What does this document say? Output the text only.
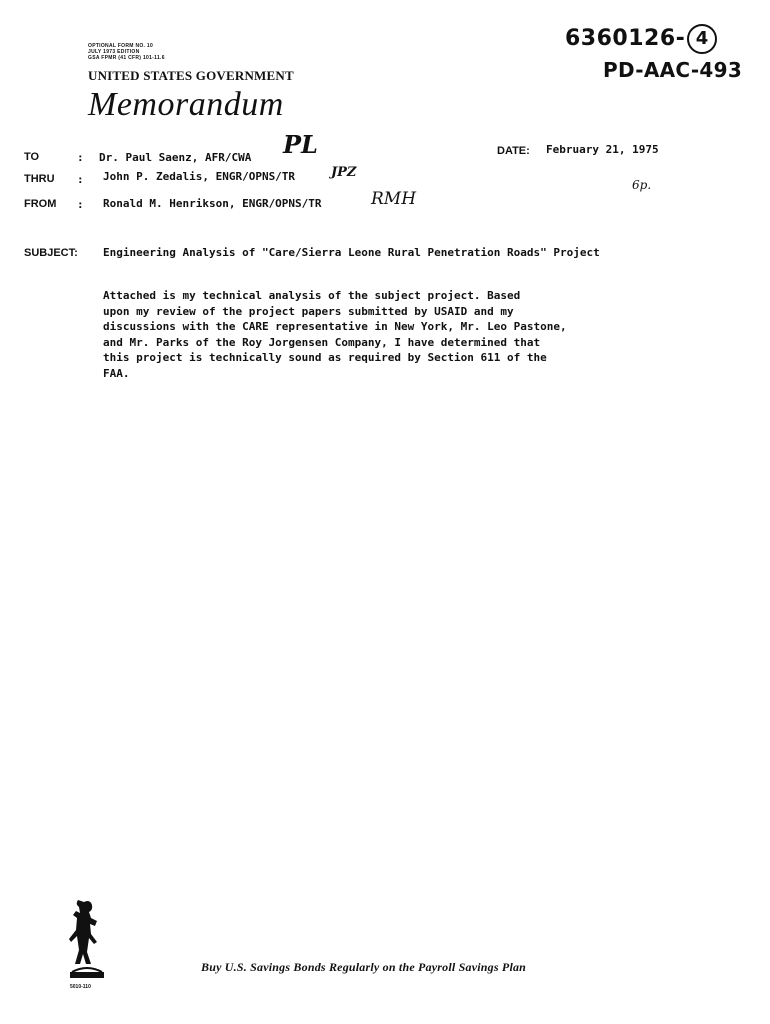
OPTIONAL FORM NO. 10
JULY 1973 EDITION
GSA FPMR (41 CFR) 101-11.6
UNITED STATES GOVERNMENT
Memorandum
6360126- 4
PD-AAC-493
TO	: Dr. Paul Saenz, AFR/CWA PL	DATE: February 21, 1975
THRU : John P. Zedalis, ENGR/OPNS/TR	JPZ
6p.
FROM : Ronald M. Henrikson, ENGR/OPNS/TR	RMH
SUBJECT: Engineering Analysis of "Care/Sierra Leone Rural Penetration Roads" Project
Attached is my technical analysis of the subject project. Based
upon my review of the project papers submitted by USAID and my
discussions with the CARE representative in New York, Mr. Leo Pastone,
and Mr. Parks of the Roy Jorgensen Company, I have determined that
this project is technically sound as required by Section 611 of the
FAA.
5010-110
Buy U.S. Savings Bonds Regularly on the Payroll Savings Plan
